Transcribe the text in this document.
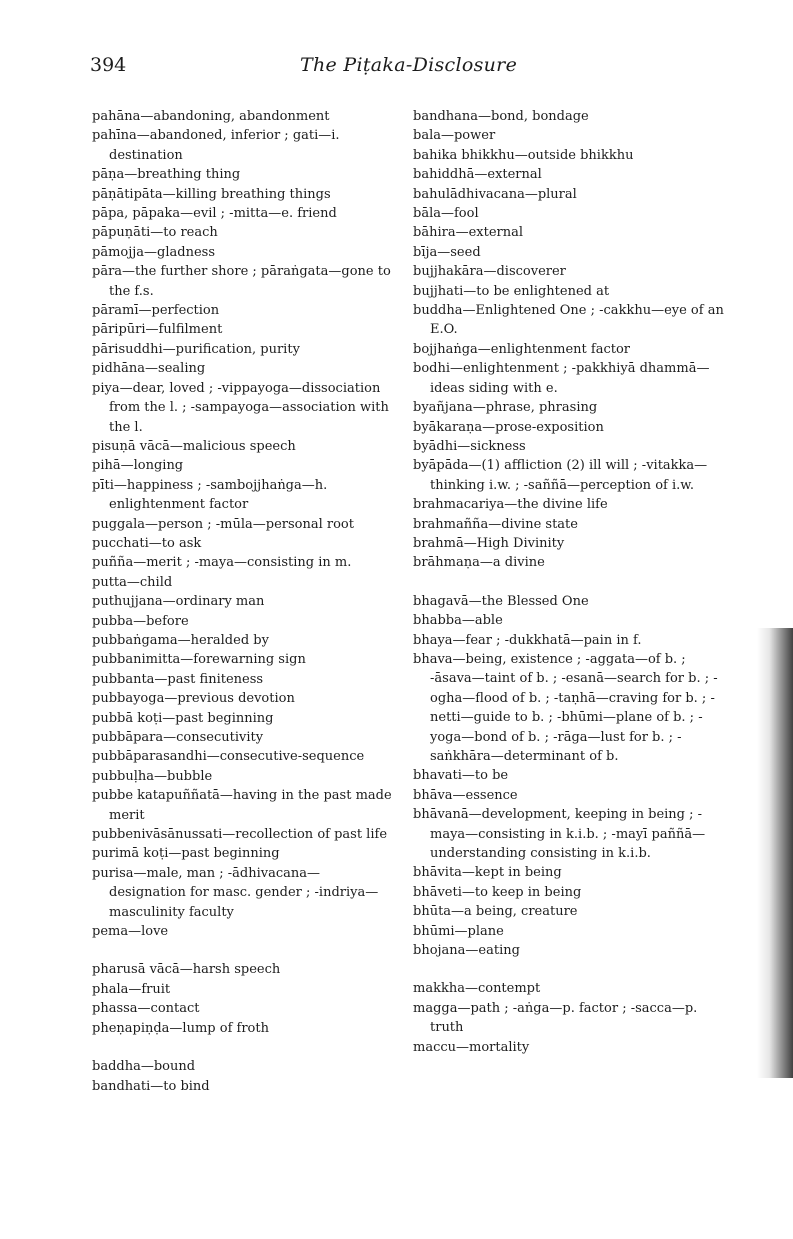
394	The Piṭaka-Disclosure
pahāna—abandoning, abandonment
pahīna—abandoned, inferior ; gati—i. destination
pāṇa—breathing thing
pāṇātipāta—killing breathing things
pāpa, pāpaka—evil ; -mitta—e. friend
pāpuṇāti—to reach
pāmojja—gladness
pāra—the further shore ; pāraṅgata—gone to the f.s.
pāramī—perfection
pāripūri—fulfilment
pārisuddhi—purification, purity
pidhāna—sealing
piya—dear, loved ; -vippayoga—dissociation from the l. ; -sampayoga—association with the l.
pisuṇā vācā—malicious speech
pihā—longing
pīti—happiness ; -sambojjhaṅga—h. enlightenment factor
puggala—person ; -mūla—personal root
pucchati—to ask
puñña—merit ; -maya—consisting in m.
putta—child
puthujjana—ordinary man
pubba—before
pubbaṅgama—heralded by
pubbanimitta—forewarning sign
pubbanta—past finiteness
pubbayoga—previous devotion
pubbā koṭi—past beginning
pubbāpara—consecutivity
pubbāparasandhi—consecutive-sequence
pubbuḷha—bubble
pubbe katapuññatā—having in the past made merit
pubbenivāsānussati—recollection of past life
purimā koṭi—past beginning
purisa—male, man ; -ādhivacana—designation for masc. gender ; -indriya—masculinity faculty
pema—love
pharusā vācā—harsh speech
phala—fruit
phassa—contact
pheṇapiṇḍa—lump of froth
baddha—bound
bandhati—to bind
bandhana—bond, bondage
bala—power
bahika bhikkhu—outside bhikkhu
bahiddhā—external
bahulādhivacana—plural
bāla—fool
bāhira—external
bīja—seed
bujjhakāra—discoverer
bujjhati—to be enlightened at
buddha—Enlightened One ; -cakkhu—eye of an E.O.
bojjhaṅga—enlightenment factor
bodhi—enlightenment ; -pakkhiyā dhammā—ideas siding with e.
byañjana—phrase, phrasing
byākaraṇa—prose-exposition
byādhi—sickness
byāpāda—(1) affliction (2) ill will ; -vitakka—thinking i.w. ; -saññā—perception of i.w.
brahmacariya—the divine life
brahmañña—divine state
brahmā—High Divinity
brāhmaṇa—a divine
bhagavā—the Blessed One
bhabba—able
bhaya—fear ; -dukkhatā—pain in f.
bhava—being, existence ; -aggata—of b. ; -āsava—taint of b. ; -esanā—search for b. ; -ogha—flood of b. ; -taṇhā—craving for b. ; -netti—guide to b. ; -bhūmi—plane of b. ; -yoga—bond of b. ; -rāga—lust for b. ; -saṅkhāra—determinant of b.
bhavati—to be
bhāva—essence
bhāvanā—development, keeping in being ; -maya—consisting in k.i.b. ; -mayī paññā—understanding consisting in k.i.b.
bhāvita—kept in being
bhāveti—to keep in being
bhūta—a being, creature
bhūmi—plane
bhojana—eating
makkha—contempt
magga—path ; -aṅga—p. factor ; -sacca—p. truth
maccu—mortality
